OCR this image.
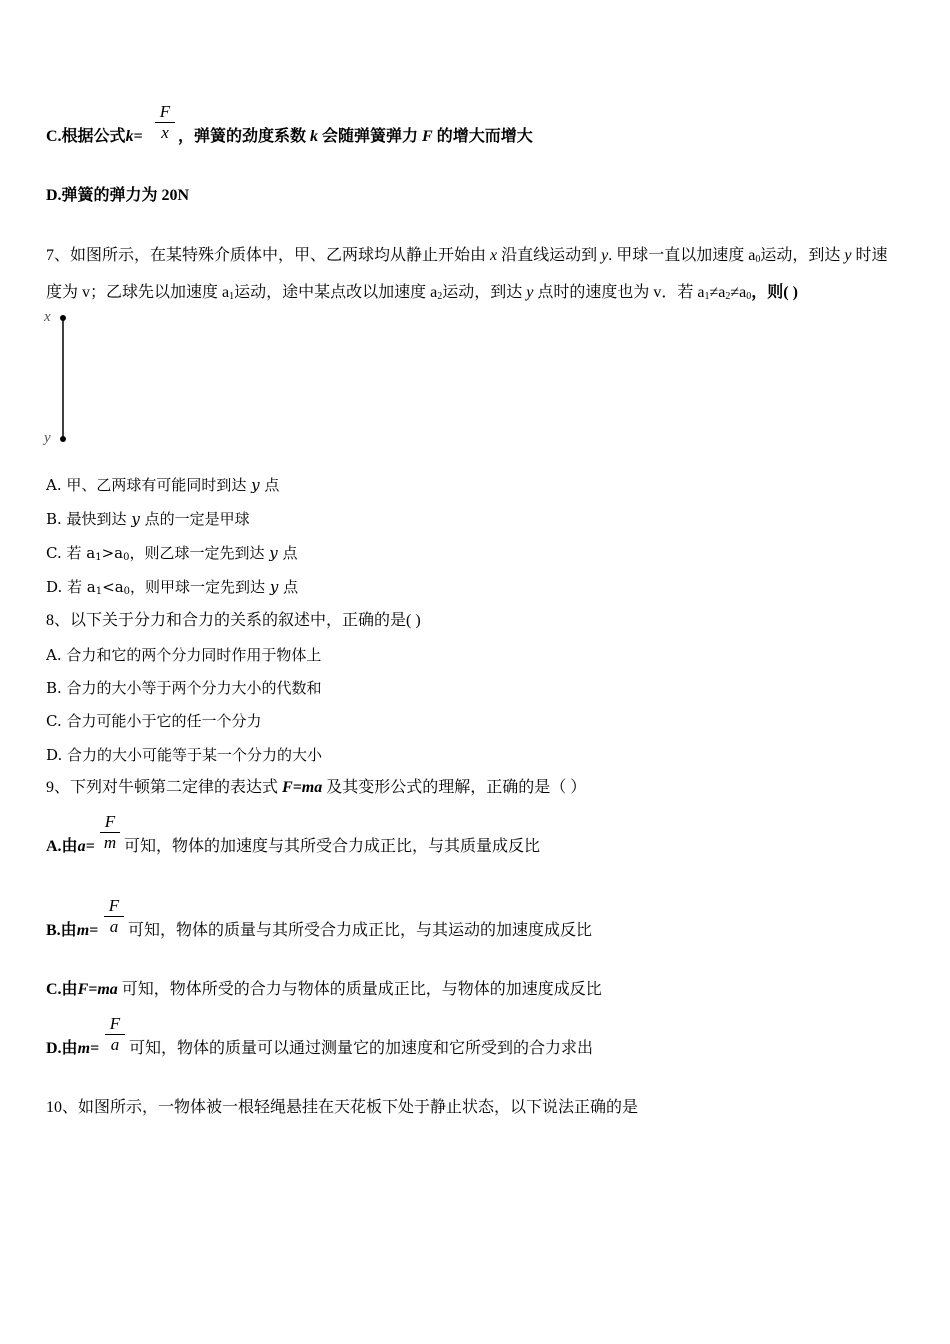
C.根据公式k=
F
x ，弹簧的劲度系数 k 会随弹簧弹力 F 的增大而增大
D.弹簧的弹力为 20N
7、如图所示，在某特殊介质体中，甲、乙两球均从静止开始由 x 沿直线运动到 y. 甲球一直以加速度 $a_0$运动，到达 y 时速
度为 v；乙球先以加速度 $a_1$运动，途中某点改以加速度 $a_2$运动，到达 y 点时的速度也为 v．若 $a_1\ne a_2\ne a_0$，则( )
x
y
A. 甲、乙两球有可能同时到达 y 点
B. 最快到达 y 点的一定是甲球
C. 若 $a_1>a_0$，则乙球一定先到达 y 点
D. 若 $a_1<a_0$，则甲球一定先到达 y 点
8、以下关于分力和合力的关系的叙述中，正确的是( )
A. 合力和它的两个分力同时作用于物体上
B. 合力的大小等于两个分力大小的代数和
C. 合力可能小于它的任一个分力
D. 合力的大小可能等于某一个分力的大小
9、下列对牛顿第二定律的表达式 F=ma 及其变形公式的理解，正确的是（ ）
A.由a=
F
m 可知，物体的加速度与其所受合力成正比，与其质量成反比
B.由m=
F
a 可知，物体的质量与其所受合力成正比，与其运动的加速度成反比
C.由F=ma 可知，物体所受的合力与物体的质量成正比，与物体的加速度成反比
D.由m=
F
a 可知，物体的质量可以通过测量它的加速度和它所受到的合力求出
10、如图所示，一物体被一根轻绳悬挂在天花板下处于静止状态，以下说法正确的是
